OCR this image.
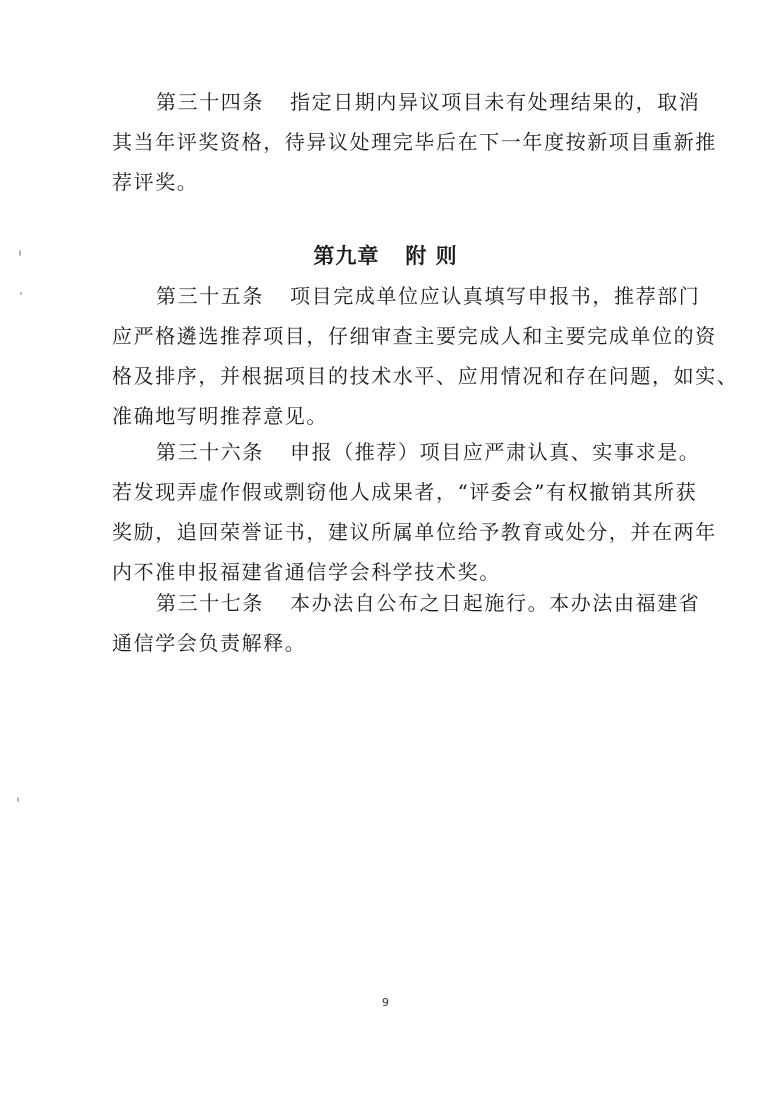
第三十四条 指定日期内异议项目未有处理结果的，取消
其当年评奖资格，待异议处理完毕后在下一年度按新项目重新推
荐评奖。

第九章 附 则

第三十五条 项目完成单位应认真填写申报书，推荐部门
应严格遴选推荐项目，仔细审查主要完成人和主要完成单位的资
格及排序，并根据项目的技术水平、应用情况和存在问题，如实、
准确地写明推荐意见。

第三十六条 申报（推荐）项目应严肃认真、实事求是。
若发现弄虚作假或剽窃他人成果者，“评委会”有权撤销其所获
奖励，追回荣誉证书，建议所属单位给予教育或处分，并在两年
内不准申报福建省通信学会科学技术奖。

第三十七条 本办法自公布之日起施行。本办法由福建省
通信学会负责解释。

9
